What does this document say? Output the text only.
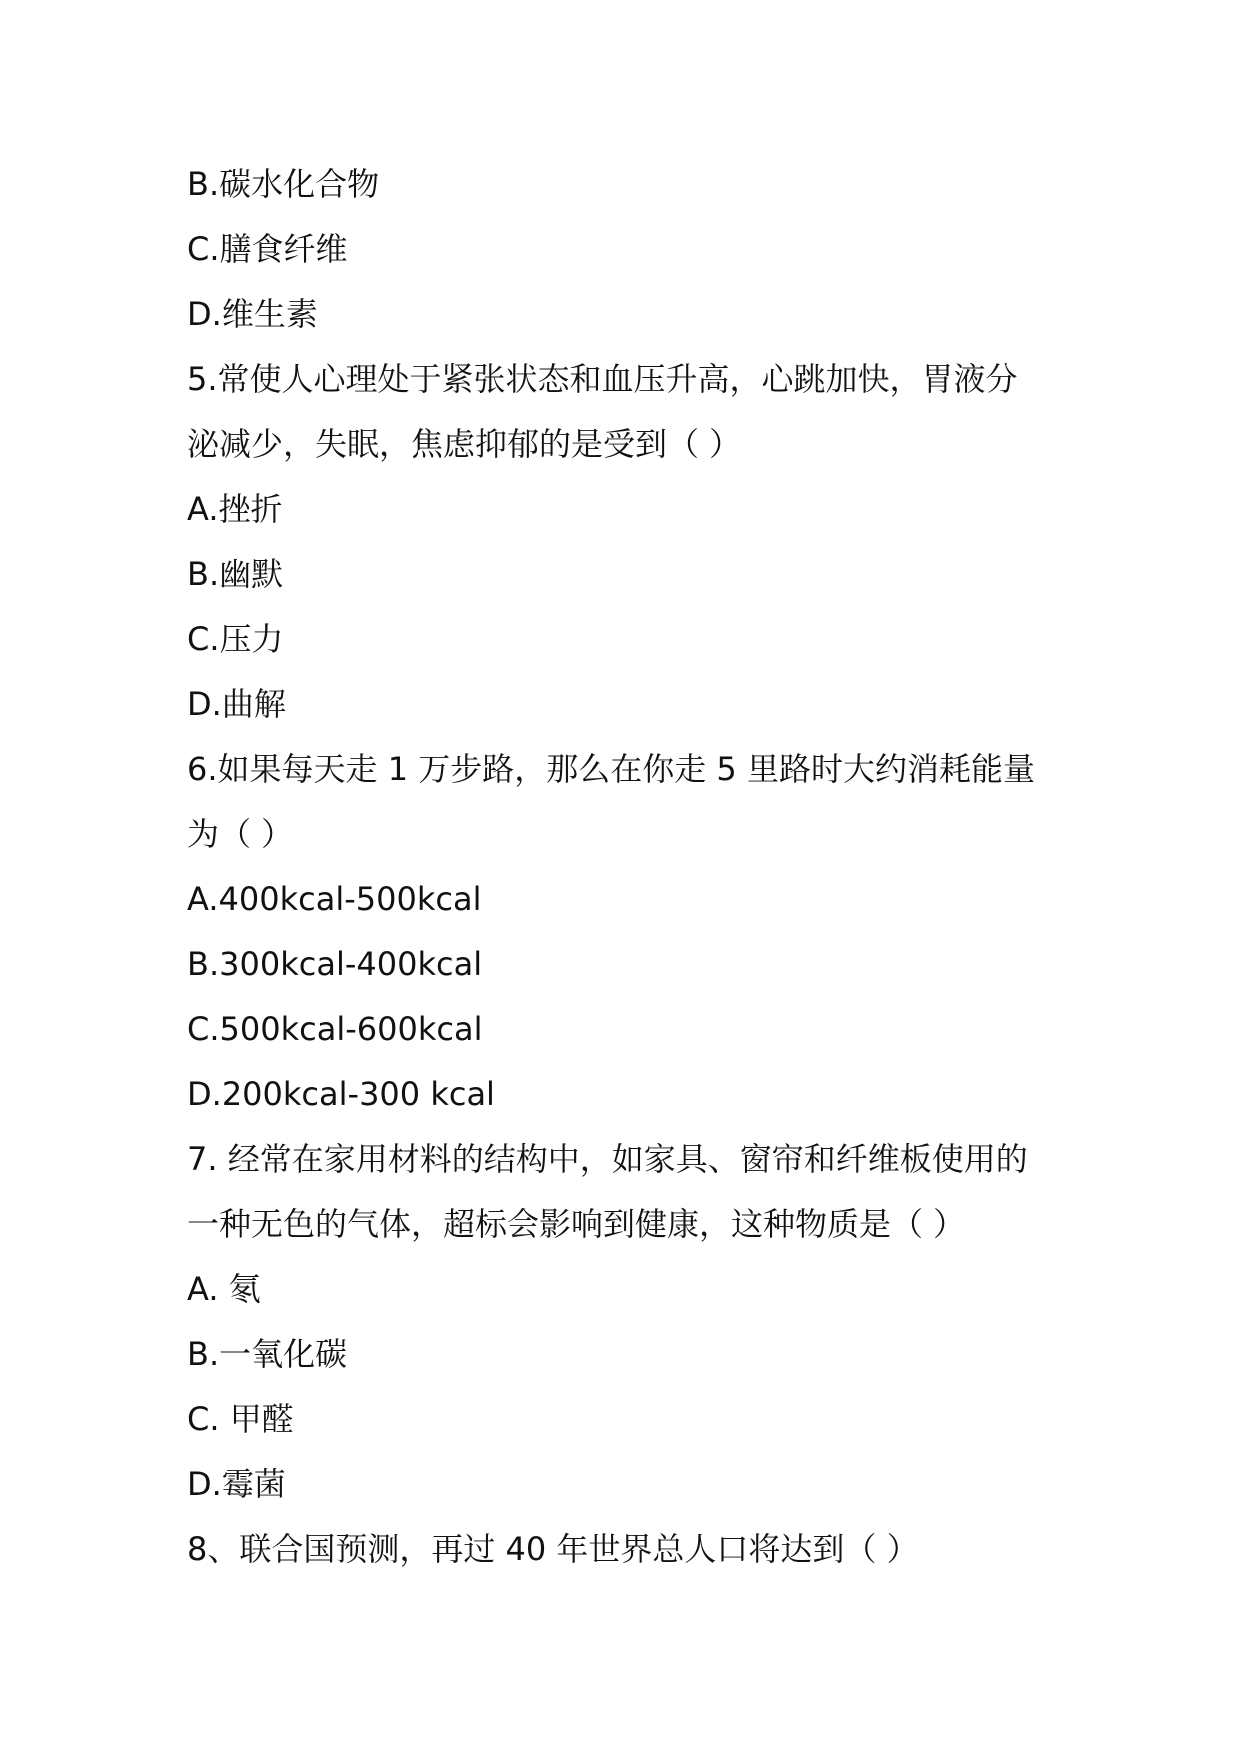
B.碳水化合物
C.膳食纤维
D.维生素
5.常使人心理处于紧张状态和血压升高，心跳加快，胃液分
泌减少，失眠，焦虑抑郁的是受到（ ）
A.挫折
B.幽默
C.压力
D.曲解
6.如果每天走 1 万步路，那么在你走 5 里路时大约消耗能量
为（ ）
A.400kcal-500kcal
B.300kcal-400kcal
C.500kcal-600kcal
D.200kcal-300 kcal
7. 经常在家用材料的结构中，如家具、窗帘和纤维板使用的
一种无色的气体，超标会影响到健康，这种物质是（ ）
A. 氡
B.一氧化碳
C. 甲醛
D.霉菌
8、联合国预测，再过 40 年世界总人口将达到（ ）
